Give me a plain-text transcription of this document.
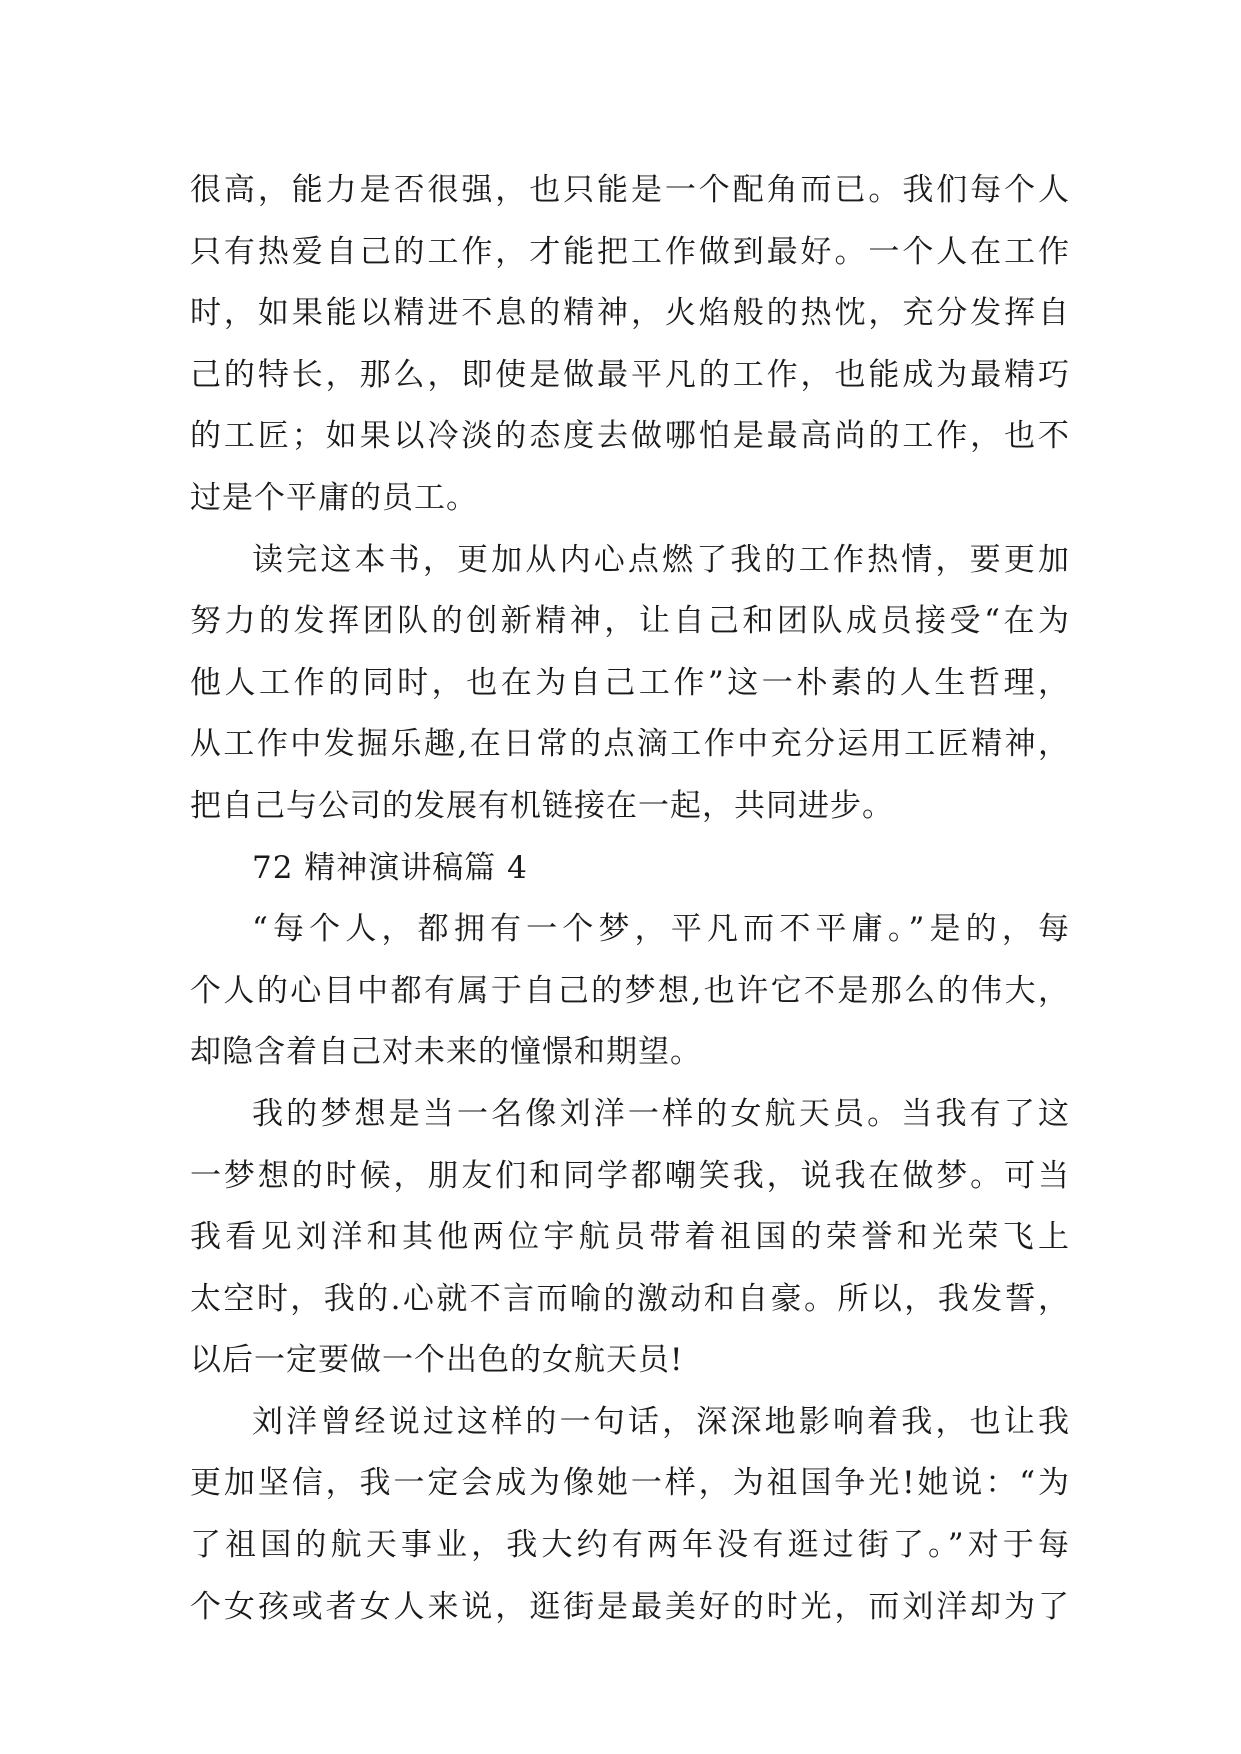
很高，能力是否很强，也只能是一个配角而已。我们每个人
只有热爱自己的工作，才能把工作做到最好。一个人在工作
时，如果能以精进不息的精神，火焰般的热忱，充分发挥自
己的特长，那么，即使是做最平凡的工作，也能成为最精巧
的工匠；如果以冷淡的态度去做哪怕是最高尚的工作，也不
过是个平庸的员工。
读完这本书，更加从内心点燃了我的工作热情，要更加
努力的发挥团队的创新精神，让自己和团队成员接受“在为
他人工作的同时，也在为自己工作”这一朴素的人生哲理，
从工作中发掘乐趣,在日常的点滴工作中充分运用工匠精神，
把自己与公司的发展有机链接在一起，共同进步。
72 精神演讲稿篇 4
“每个人，都拥有一个梦，平凡而不平庸。”是的，每
个人的心目中都有属于自己的梦想,也许它不是那么的伟大，
却隐含着自己对未来的憧憬和期望。
我的梦想是当一名像刘洋一样的女航天员。当我有了这
一梦想的时候，朋友们和同学都嘲笑我，说我在做梦。可当
我看见刘洋和其他两位宇航员带着祖国的荣誉和光荣飞上
太空时，我的.心就不言而喻的激动和自豪。所以，我发誓，
以后一定要做一个出色的女航天员!
刘洋曾经说过这样的一句话，深深地影响着我，也让我
更加坚信，我一定会成为像她一样，为祖国争光!她说：“为
了祖国的航天事业，我大约有两年没有逛过街了。”对于每
个女孩或者女人来说，逛街是最美好的时光，而刘洋却为了
